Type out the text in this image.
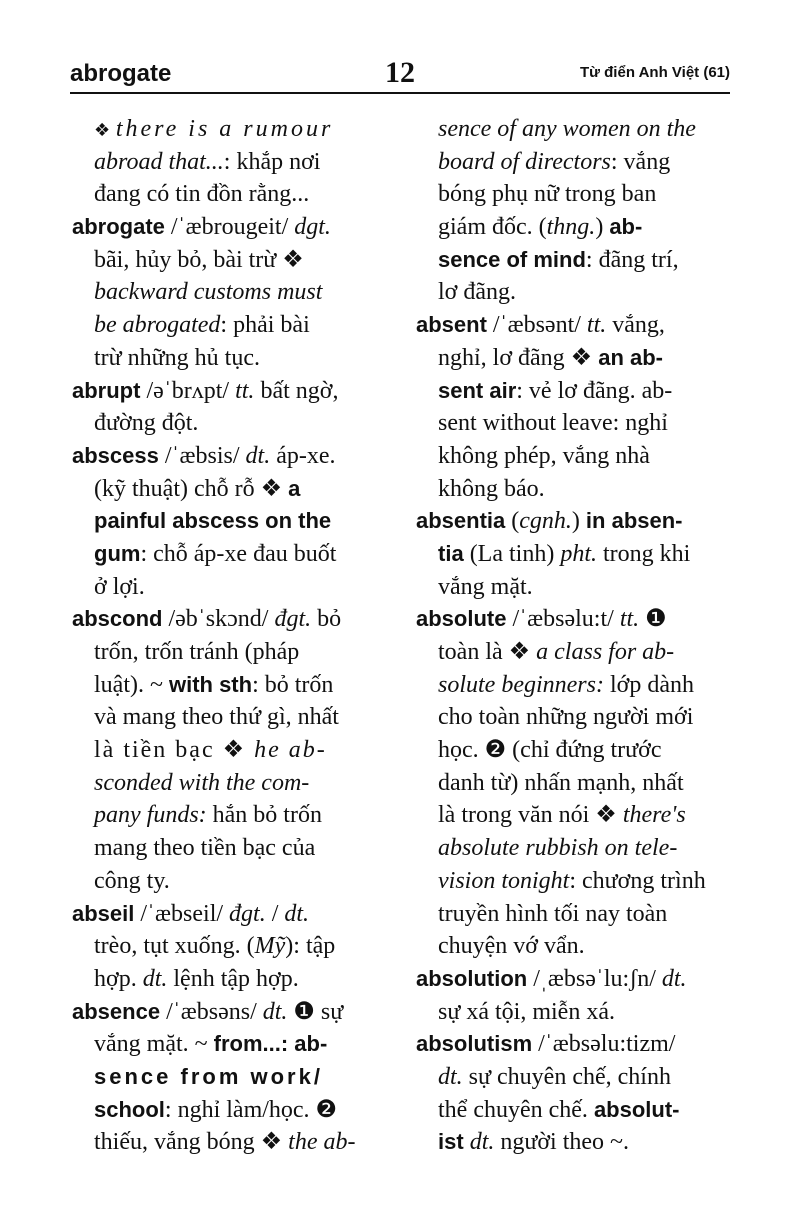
abrogate	12	Từ điển Anh Việt (61)
❖ there is a rumour
abroad that...: khắp nơi
đang có tin đồn rằng...
abrogate /ˈæbrougeit/ dgt.
bãi, hủy bỏ, bài trừ ❖
backward customs must
be abrogated: phải bài
trừ những hủ tục.
abrupt /əˈbrʌpt/ tt. bất ngờ,
đường đột.
abscess /ˈæbsis/ dt. áp-xe.
(kỹ thuật) chỗ rỗ ❖ a
painful abscess on the
gum: chỗ áp-xe đau buốt
ở lợi.
abscond /əbˈskɔnd/ đgt. bỏ
trốn, trốn tránh (pháp
luật). ~ with sth: bỏ trốn
và mang theo thứ gì, nhất
là tiền bạc ❖ he ab-
sconded with the com-
pany funds: hắn bỏ trốn
mang theo tiền bạc của
công ty.
abseil /ˈæbseil/ đgt. / dt.
trèo, tụt xuống. (Mỹ): tập
hợp. dt. lệnh tập hợp.
absence /ˈæbsəns/ dt. ❶ sự
vắng mặt. ~ from...: ab-
sence from work/
school: nghỉ làm/học. ❷
thiếu, vắng bóng ❖ the ab-
sence of any women on the
board of directors: vắng
bóng phụ nữ trong ban
giám đốc. (thng.) ab-
sence of mind: đãng trí,
lơ đãng.
absent /ˈæbsənt/ tt. vắng,
nghỉ, lơ đãng ❖ an ab-
sent air: vẻ lơ đãng. ab-
sent without leave: nghỉ
không phép, vắng nhà
không báo.
absentia (cgnh.) in absen-
tia (La tinh) pht. trong khi
vắng mặt.
absolute /ˈæbsəlu:t/ tt. ❶
toàn là ❖ a class for ab-
solute beginners: lớp dành
cho toàn những người mới
học. ❷ (chỉ đứng trước
danh từ) nhấn mạnh, nhất
là trong văn nói ❖ there's
absolute rubbish on tele-
vision tonight: chương trình
truyền hình tối nay toàn
chuyện vớ vẩn.
absolution /ˌæbsəˈlu:ʃn/ dt.
sự xá tội, miễn xá.
absolutism /ˈæbsəlu:tizm/
dt. sự chuyên chế, chính
thể chuyên chế. absolut-
ist dt. người theo ~.
